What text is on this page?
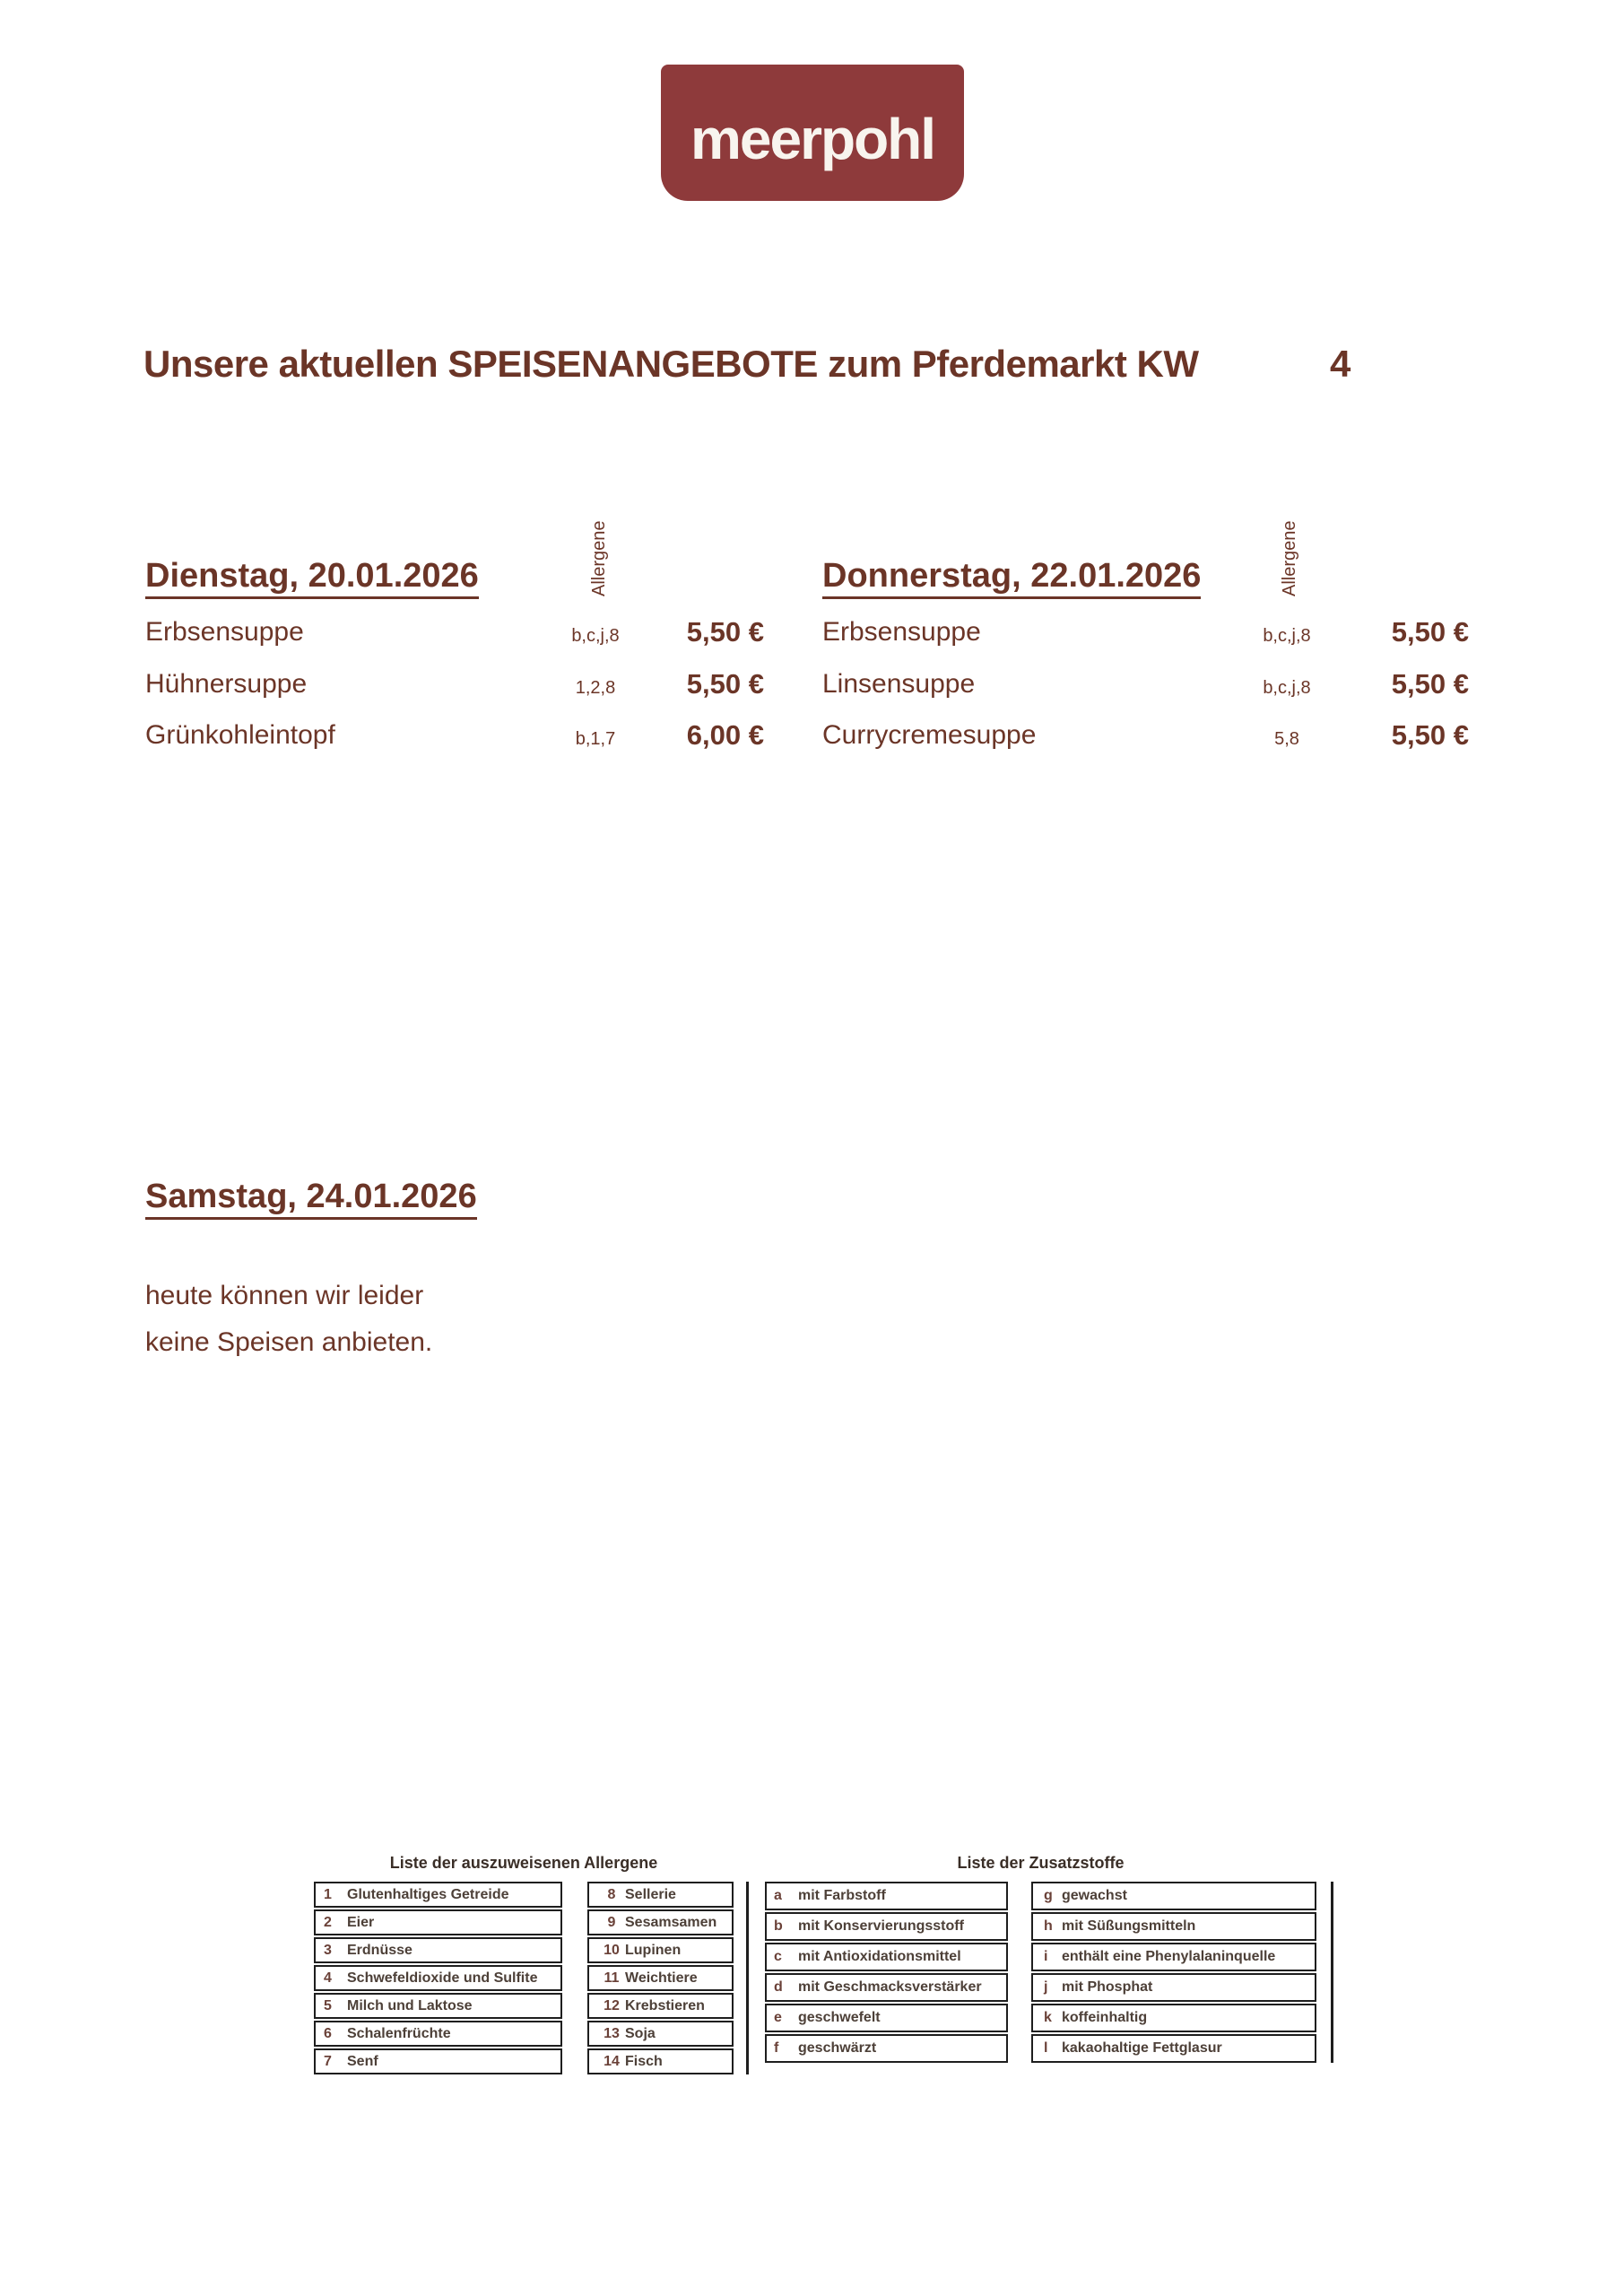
meerpohl
Unsere aktuellen SPEISENANGEBOTE zum Pferdemarkt KW	4
Allergene	Allergene
Dienstag, 20.01.2026
Erbsensuppe	b,c,j,8	5,50 €
Hühnersuppe	1,2,8	5,50 €
Grünkohleintopf	b,1,7	6,00 €
Donnerstag, 22.01.2026
Erbsensuppe	b,c,j,8	5,50 €
Linsensuppe	b,c,j,8	5,50 €
Currycremesuppe	5,8	5,50 €
Samstag, 24.01.2026
heute können wir leider
keine Speisen anbieten.
Liste der auszuweisenen Allergene
1	Glutenhaltiges Getreide
2	Eier
3	Erdnüsse
4	Schwefeldioxide und Sulfite
5	Milch und Laktose
6	Schalenfrüchte
7	Senf
8 Sellerie
9 Sesamsamen
10 Lupinen
11 Weichtiere
12 Krebstieren
13 Soja
14 Fisch
Liste der Zusatzstoffe
a	mit Farbstoff
b	mit Konservierungsstoff
c	mit Antioxidationsmittel
d	mit Geschmacksverstärker
e	geschwefelt
f	geschwärzt
g gewachst
h mit Süßungsmitteln
i enthält eine Phenylalaninquelle
j mit Phosphat
k koffeinhaltig
l kakaohaltige Fettglasur
